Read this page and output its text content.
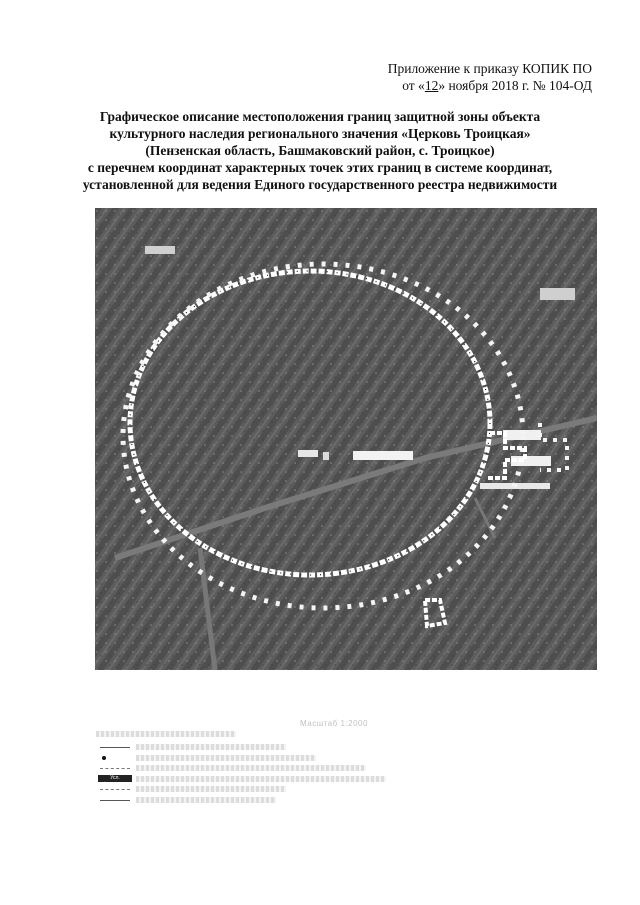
Приложение к приказу КОПИК ПО
от «12» ноября 2018 г. № 104-ОД
Графическое описание местоположения границ защитной зоны объекта
культурного наследия регионального значения «Церковь Троицкая»
(Пензенская область, Башмаковский район, с. Троицкое)
с перечнем координат характерных точек этих границ в системе координат,
установленной для ведения Единого государственного реестра недвижимости
Масштаб 1:2000
Усл. обозначение
